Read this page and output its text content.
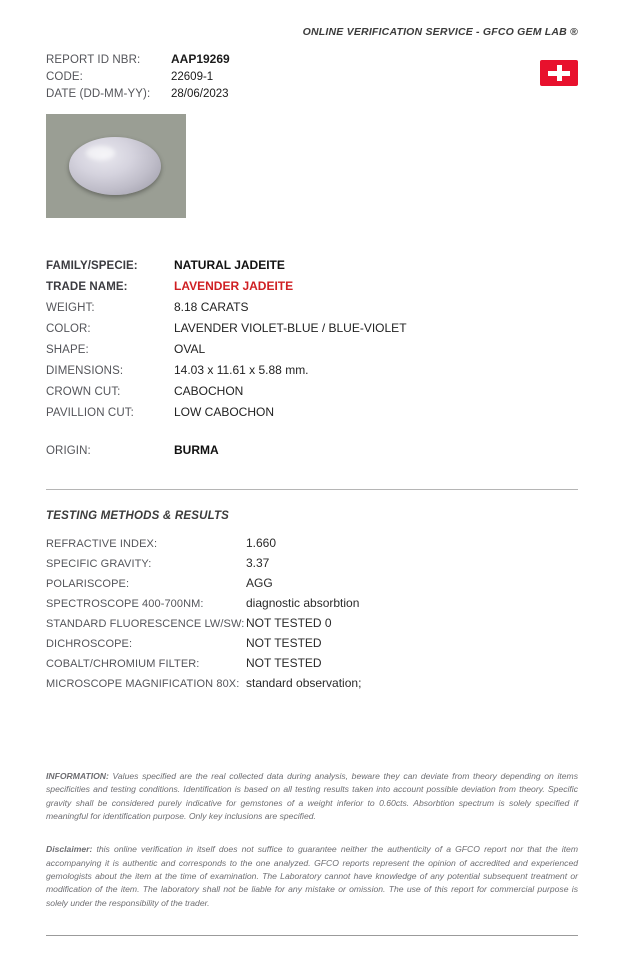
ONLINE VERIFICATION SERVICE - GFCO GEM LAB ®
REPORT ID NBR:	AAP19269
CODE:	22609-1
DATE (DD-MM-YY):	28/06/2023
FAMILY/SPECIE:	NATURAL JADEITE
TRADE NAME:	LAVENDER JADEITE
WEIGHT:	8.18 CARATS
COLOR:	LAVENDER VIOLET-BLUE / BLUE-VIOLET
SHAPE:	OVAL
DIMENSIONS:	14.03 x 11.61 x 5.88 mm.
CROWN CUT:	CABOCHON
PAVILLION CUT:	LOW CABOCHON
ORIGIN:	BURMA
TESTING METHODS & RESULTS
REFRACTIVE INDEX:	1.660
SPECIFIC GRAVITY:	3.37
POLARISCOPE:	AGG
SPECTROSCOPE 400-700NM:	diagnostic absorbtion
STANDARD FLUORESCENCE LW/SW: NOT TESTED 0
DICHROSCOPE:	NOT TESTED
COBALT/CHROMIUM FILTER:	NOT TESTED
MICROSCOPE MAGNIFICATION 80X: standard observation;
INFORMATION: Values specified are the real collected data during analysis, beware they can deviate from theory depending on items specificities and testing conditions. Identification is based on all testing results taken into account possible deviation from theory. Specific gravity shall be considered purely indicative for gemstones of a weight inferior to 0.60cts. Absorbtion spectrum is solely specified if meaningful for identification purpose. Only key inclusions are specified.
Disclaimer: this online verification in itself does not suffice to guarantee neither the authenticity of a GFCO report nor that the item accompanying it is authentic and corresponds to the one analyzed. GFCO reports represent the opinion of accredited and experienced gemologists about the item at the time of examination. The Laboratory cannot have knowledge of any potential subsequent treatment or modification of the item. The laboratory shall not be liable for any mistake or omission. The use of this report for commercial purpose is solely under the responsibility of the trader.
